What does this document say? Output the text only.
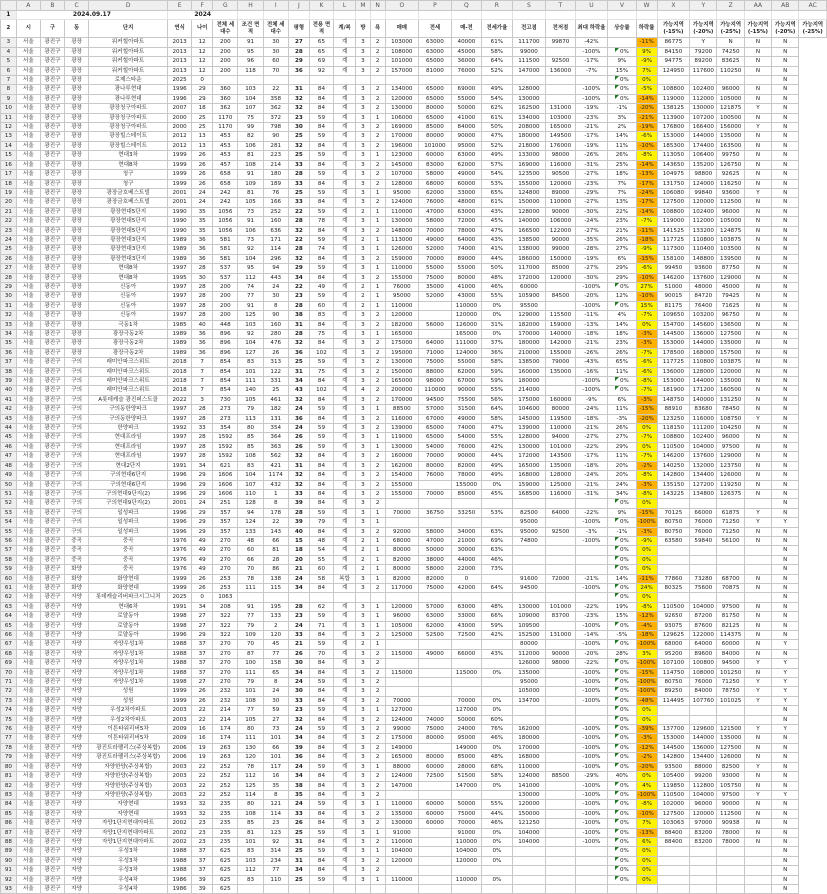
	A	B	C	D	E	F	G	H	I	J	K	L	M	N	O	P	Q	R	S	T	U	V	W	X	Y	Z	AA	AB	AC
1	2024.09.17				2024																								
2	시	구	동	단지	연식	나이	전체 세대수	조건 면적	전체 세대수	평형	전용 면적	계/복	방	욕	매매	전세	매-전	전세가율	전고점	전저점	최대 하락율	상승률	하락률	가능지역 (-15%)	가능지역 (-20%)	가능지역 (-25%)	가능지역 (-15%)	가능지역 (-20%)	가능지역 (-25%)
3	서울	광진구	광장	워커힐아파트	2013	12	200	91	30	27	65	계	3	2	103000	63000	40000	61%	111700	99870	-42%		-11%	86775	Y	N	N	N	
4	서울	광진구	광장	워커힐아파트	2013	12	200	95	30	28	65	계	3	2	108000	63000	45000	58%	99000		-100%	0%	9%	84150	79200	74250	N	N	
5	서울	광진구	광장	워커힐아파트	2013	12	200	96	60	29	69	계	3	2	101000	65000	36000	64%	111500	92500	-17%	9%	-9%	94775	89200	83625	N	N	
6	서울	광진구	광장	워커힐아파트	2013	12	200	118	70	36	92	계	3	2	157000	81000	76000	52%	147000	136000	-7%	15%	7%	124950	117600	110250	N	N	
7	서울	광진구	광장	로제스타운	2025	0																0%	0%					N	
8	서울	광진구	광장	광나루현대	1996	29	360	103	22	31	84	계	3	2	134000	65000	69000	49%	128000		-100%	0%	-5%	108800	102400	96000	N	N	
9	서울	광진구	광장	광나루현대	1996	29	360	104	358	32	84	계	3	2	120000	65000	55000	54%	130000		-100%	0%	-14%	119000	112000	105000	N	N	
10	서울	광진구	광장	광장청구아파트	2007	18	362	107	362	32	84	계	3	2	130000	80000	50000	62%	162500	131000	-19%	-1%	-20%	138125	130000	121875	Y	N	
11	서울	광진구	광장	광장청구아파트	2000	25	1170	75	372	23	59	계	3	1	106000	65000	41000	61%	134000	103000	-23%	3%	-21%	113900	107200	100500	N	N	
12	서울	광진구	광장	광장청구아파트	2000	25	1170	99	798	30	84	계	3	2	169000	85000	84000	50%	208000	165000	-21%	2%	-19%	176800	166400	156000	Y	N	
13	서울	광진구	광장	광장힐스테이트	2012	13	453	82	90	25	59	계	3	2	170000	80000	90000	47%	180000	149500	-17%	14%	-6%	153000	144000	135000	N	N	
14	서울	광진구	광장	광장힐스테이트	2012	13	453	106	281	32	84	계	3	2	196000	101000	95000	52%	218000	176000	-19%	11%	-10%	185300	174400	163500	N	N	
15	서울	광진구	광장	현대3차	1999	26	453	81	223	25	59	계	3	1	123000	60000	63000	49%	133000	98000	-26%	26%	-8%	113050	106400	99750	N	N	
16	서울	광진구	광장	현대8차	1999	26	457	108	214	33	84	계	3	2	145000	83000	62000	57%	169000	116000	-31%	25%	-14%	143650	135200	126750	N	N	
17	서울	광진구	광장	청구	1999	26	658	91	180	28	59	계	3	2	107000	58000	49000	54%	123500	90500	-27%	18%	-13%	104975	98800	92625	N	N	
18	서울	광진구	광장	청구	1999	26	658	109	189	33	84	계	3	2	128000	68000	60000	53%	155000	120000	-23%	7%	-17%	131750	124000	116250	N	N	
19	서울	광진구	광장	광장금호베스트빌	2001	24	242	81	76	25	59	계	3	1	95000	62000	33000	65%	124800	89000	-29%	7%	-24%	106080	99840	93600	Y	N	
20	서울	광진구	광장	광장금호베스트빌	2001	24	242	105	166	33	84	계	3	2	124000	76000	48000	61%	150000	110000	-27%	13%	-17%	127500	120000	112500	N	N	
21	서울	광진구	광장	광장현대5단지	1990	35	1056	73	252	22	59	계	2	1	110000	47000	63000	43%	128000	90000	-30%	22%	-14%	108800	102400	96000	N	N	
22	서울	광진구	광장	광장현대5단지	1990	35	1056	91	160	28	78	계	3	1	130000	58000	72000	45%	140000	106000	-24%	23%	-7%	119000	112000	105000	N	N	
23	서울	광진구	광장	광장현대5단지	1990	35	1056	106	636	32	84	계	3	2	148000	70000	78000	47%	166500	122000	-27%	21%	-11%	141525	133200	124875	N	N	
24	서울	광진구	광장	광장현대3단지	1989	36	581	73	171	22	59	계	2	1	113000	49000	64000	43%	138500	90000	-35%	26%	-18%	117725	110800	103875	N	N	
25	서울	광진구	광장	광장현대3단지	1989	36	581	92	114	28	74	계	3	1	126000	52000	74000	41%	138000	99000	-28%	27%	-9%	117300	110400	103500	N	N	
26	서울	광진구	광장	광장현대3단지	1989	36	581	104	296	32	84	계	3	2	159000	70000	89000	44%	186000	150000	-19%	6%	-15%	158100	148800	139500	N	N	
27	서울	광진구	광장	현대8차	1997	28	537	95	94	29	59	계	3	1	110000	55000	55000	50%	117000	85000	-27%	29%	-6%	99450	93600	87750	N	N	
28	서울	광진구	광장	현대8차	1995	30	537	112	443	34	84	계	3	2	155000	75000	80000	48%	172000	120000	-30%	29%	-10%	146200	137600	129000	N	N	
29	서울	광진구	광장	신동아	1997	28	200	74	24	22	49	계	2	1	76000	35000	41000	46%	60000		-100%	0%	27%	51000	48000	45000	N	N	
30	서울	광진구	광장	신동아	1997	28	200	77	30	23	59	계	2	1	95000	52000	43000	55%	105900	84500	-20%	12%	-10%	90015	84720	79425	N	N	
31	서울	광진구	광장	신동아	1997	28	200	91	8	28	60	계	2	1	110000		110000	0%	95500		-100%	0%	15%	81175	76400	71625	N	N	
32	서울	광진구	광장	신동아	1997	28	200	125	90	38	83	계	3	2	120000		120000	0%	129000	115500	-11%	4%	-7%	109650	103200	96750	N	N	
33	서울	광진구	광장	극동1차	1985	40	448	103	160	31	84	계	3	2	182000	56000	126000	31%	182000	159000	-13%	14%	0%	154700	145600	136500	N	N	
34	서울	광진구	광장	광장극동2차	1989	36	896	92	280	28	75	계	3	1	165000		165000	0%	170000	140000	-18%	18%	-3%	144500	136000	127500	N	N	
35	서울	광진구	광장	광장극동2차	1989	36	896	104	476	32	84	계	3	2	175000	64000	111000	37%	180000	142000	-21%	23%	-3%	153000	144000	135000	N	N	
36	서울	광진구	광장	광장극동2차	1989	36	896	127	26	36	102	계	3	2	195000	71000	124000	36%	210000	155000	-26%	26%	-7%	178500	168000	157500	N	N	
37	서울	광진구	구의	래미안파크스위트	2018	7	854	83	313	25	59	계	3	2	130000	75000	55000	58%	138500	79000	-43%	65%	-6%	117725	110800	103875	N	N	
38	서울	광진구	구의	래미안파크스위트	2018	7	854	101	122	31	75	계	3	2	150000	88000	62000	59%	160000	135000	-16%	11%	-6%	136000	128000	120000	N	N	
39	서울	광진구	구의	래미안파크스위트	2018	7	854	111	331	34	84	계	3	2	165000	98000	67000	59%	180000		-100%	0%	-8%	153000	144000	135000	N	N	
40	서울	광진구	구의	래미안파크스위트	2018	7	854	140	25	43	102	계	4	2	200000	110000	90000	55%	214000		-100%	0%	-7%	181900	171200	160500	N	N	
41	서울	광진구	구의	A롯데캐슬 광진퍼스트클	2022	3	730	105	461	32	84	계	3	2	170000	94500	75500	56%	175000	160000	-9%	6%	-3%	148750	140000	131250	N	N	
42	서울	광진구	구의	구의동한양파크	1997	28	273	79	182	24	59	계	3	1	88500	57000	31500	64%	104600	80000	-24%	11%	-15%	88910	83680	78450	N	N	
43	서울	광진구	구의	구의동한양파크	1997	28	273	113	131	36	84	계	3	2	116000	67000	49000	58%	145000	119500	-18%	-3%	-20%	123250	116000	108750	Y	N	
44	서울	광진구	구의	한양파크	1992	33	354	80	354	24	59	계	3	2	139000	65000	74000	47%	139000	110000	-21%	26%	0%	118150	111200	104250	N	N	
45	서울	광진구	구의	현대프라임	1997	28	1592	85	364	26	59	계	3	1	119000	65000	54000	55%	128000	94000	-27%	27%	-7%	108800	102400	96000	N	N	
46	서울	광진구	구의	현대프라임	1997	28	1592	85	363	26	59	계	3	1	130000	54000	76000	42%	130000	101000	-22%	29%	0%	110500	104000	97500	N	N	
47	서울	광진구	구의	현대프라임	1997	28	1592	108	562	32	84	계	3	2	160000	70000	90000	44%	172000	143500	-17%	11%	-7%	146200	137600	129000	N	N	
48	서울	광진구	구의	현대2단지	1991	34	621	83	421	31	84	계	3	2	162000	80000	82000	49%	165000	135000	-18%	20%	-2%	140250	132000	123750	N	N	
49	서울	광진구	구의	구의현대6단지	1996	29	1606	104	1174	32	84	계	3	2	154000	76000	78000	49%	168000	128000	-24%	20%	-8%	142800	134400	126000	N	N	
50	서울	광진구	구의	구의현대6단지	1996	29	1606	107	432	32	84	계	3	2	155000		155000	0%	159000	125000	-21%	24%	-3%	135150	127200	119250	N	N	
51	서울	광진구	구의	구의현대9단지(2)	1996	29	1606	110	1	33	84	계	3	2	155000	70000	85000	45%	168500	116000	-31%	34%	-8%	143225	134800	126375	N	N	
52	서울	광진구	구의	구의현대9단지(2)	2001	24	251	128	8	39	84	계	3	2								0%	0%					N	
53	서울	광진구	구의	일성파크	1996	29	357	94	178	28	59	계	3	1	70000	36750	33250	53%	82500	64000	-22%	9%	-15%	70125	66000	61875	Y	N	
54	서울	광진구	구의	일성파크	1996	29	357	124	22	39	79	계	3	1					95000		-100%	0%	-100%	80750	76000	71250	Y	Y	
55	서울	광진구	구의	일성파크	1996	29	357	133	143	40	84	계	3	2	92000	58000	34000	63%	95000	92500	-3%	-1%	-3%	80750	76000	71250	N	N	
56	서울	광진구	중곡	중곡	1976	49	270	48	66	15	48	계	2	1	68000	47000	21000	69%	74800		-100%	0%	-9%	63580	59840	56100	N	N	
57	서울	광진구	중곡	중곡	1976	49	270	60	81	18	54	계	2	1	80000	50000	30000	63%				0%	0%					N	
58	서울	광진구	중곡	중곡	1976	49	270	66	28	20	55	계	2	1	82000	38000	44000	46%				0%	0%					N	
59	서울	광진구	화양	중곡	1976	49	270	70	86	21	60	계	2	1	80000	58000	22000	73%				0%	0%					N	
60	서울	광진구	화양	화양현대	1999	26	253	78	138	24	58	복합	3	1	82000	82000	0		91600	72000	-21%	14%	-11%	77860	73280	68700	N	N	
61	서울	광진구	화양	화양현대	1999	26	253	111	115	34	84	계	3	2	117000	75000	42000	64%	94500		-100%	0%	24%	80325	75600	70875	N	N	
62	서울	광진구	자양	롯데캐슬리버파크시그니처	2025	0	1063															0%	0%					N	
63	서울	광진구	자양	현대6차	1991	34	208	91	195	28	62	계	3	1	120000	57000	63000	48%	130000	101000	-22%	19%	-8%	110500	104000	97500	N	N	
64	서울	광진구	자양	로얄동아	1998	27	322	77	133	23	59	계	3	1	96000	63000	33000	66%	109000	83700	-23%	15%	-12%	92650	87200	81750	N	N	
65	서울	광진구	자양	로얄동아	1998	27	322	79	2	24	71	계	3	1	105000	62000	43000	59%	109500		-100%	0%	-4%	93075	87600	82125	N	N	
66	서울	광진구	자양	로얄동아	1996	29	322	109	120	33	84	계	3	2	125000	52500	72500	42%	152500	131000	-14%	-5%	-18%	129625	122000	114375	N	N	
67	서울	광진구	자양	자양우성1차	1988	37	270	70	45	21	59	계	2	1					80000		-100%	0%	-100%	68000	64000	60000	N	Y	
68	서울	광진구	자양	자양우성1차	1988	37	270	87	77	26	70	계	3	2	115000	49000	66000	43%	112000	90000	-20%	28%	3%	95200	89600	84000	N	N	
69	서울	광진구	자양	자양우성1차	1988	37	270	100	158	30	84	계	3	2					126000	98000	-22%	0%	-100%	107100	100800	94500	Y	Y	
70	서울	광진구	자양	자양우성1차	1988	37	270	111	65	34	84	계	3	2	115000		115000	0%	135000		-100%	0%	-15%	114750	108000	101250	N	Y	
71	서울	광진구	자양	자양우성1차	1998	27	270	79	8	24	59	계	3	2					95000		-100%	0%	-100%	80750	76000	71250	Y	Y	
72	서울	광진구	자양	성원	1999	26	232	101	24	30	84	계	3	2					105000		-100%	0%	-100%	89250	84000	78750	Y	Y	
73	서울	광진구	자양	성원	1999	26	232	108	30	33	84	계	3	2	70000		70000	0%	134700		-100%	0%	-48%	114495	107760	101025	Y	Y	
74	서울	광진구	자양	우성2차아파트	2003	22	214	77	59	23	59	계	3	1	127000		127000	0%				0%	0%					N	
75	서울	광진구	자양	우성2차아파트	2003	22	214	105	27	32	84	계	3	2	124000	74000	50000	60%				0%	0%					N	
76	서울	광진구	자양	이튼타워리버5차	2009	16	174	80	73	24	59	계	3	2	99000	75000	24000	76%	162000		-100%	0%	-39%	137700	129600	121500	Y	Y	
77	서울	광진구	자양	이튼타워리버5차	2009	16	174	111	101	34	84	계	3	2	175000	80000	95000	46%	180000		-100%	0%	-3%	153000	144000	135000	N	N	
78	서울	광진구	자양	광진트라팰리스(주상복합)	2006	19	263	130	66	39	84	계	3	2	149000		149000	0%	170000		-100%	0%	-12%	144500	136000	127500	N	N	
79	서울	광진구	자양	광진트라팰리스(주상복합)	2006	19	263	120	101	36	84	계	3	2	165000	80000	85000	48%	168000		-100%	0%	-2%	142800	134400	126000	N	N	
80	서울	광진구	자양	자양한양(주상복합)	2003	22	252	78	117	24	59	계	3	1	88000	60000	28000	68%	110000		-100%	0%	-20%	93500	88000	82500	Y	N	
81	서울	광진구	자양	자양한양(주상복합)	2003	22	252	112	16	34	84	계	3	2	124000	72500	51500	58%	124000	88500	-29%	40%	0%	105400	99200	93000	N	N	
82	서울	광진구	자양	자양한양(주상복합)	2003	22	252	125	35	38	84	계	3	2	147000		147000	0%	141000		-100%	0%	4%	119850	112800	105750	N	N	
83	서울	광진구	자양	자양한양(주상복합)	2003	22	252	114	8	35	84	계	3	2					130000		-100%	0%	-100%	110500	104000	97500	Y	Y	
84	서울	광진구	자양	자양현대	1993	32	235	80	121	24	59	계	3	1	110000	60000	50000	55%	120000		-100%	0%	-8%	102000	96000	90000	N	N	
85	서울	광진구	자양	자양현대	1993	32	235	108	114	33	84	계	3	2	135000	60000	75000	44%	150000		-100%	0%	-10%	127500	120000	112500	N	N	
86	서울	광진구	자양	자양1단지현대아파트	2002	23	235	85	23	26	84	계	3	2	130000	60000	70000	46%	121250		-100%	0%	7%	103063	97000	90938	N	N	
87	서울	광진구	자양	자양1단지현대아파트	2002	23	235	81	123	25	59	계	3	1	91000		91000	0%	104000		-100%	0%	-13%	88400	83200	78000	N	N	
88	서울	광진구	자양	자양1단지현대아파트	2002	23	235	101	92	31	84	계	3	2	110000		110000	0%	104000		-100%	0%	6%	88400	83200	78000	N	N	
89	서울	광진구	자양	우성3차	1988	37	625	83	314	25	59	계	3	1	104000		104000	0%				0%	0%					N	
90	서울	광진구	자양	우성3차	1988	37	625	103	234	31	84	계	3	2	120000		120000	0%				0%	0%					N	
91	서울	광진구	자양	우성3차	1988	37	625	112	77	34	84	계	3	2								0%	0%					N	
92	서울	광진구	자양	우성4차	1986	39	625	83	110	25	59	계	3	1	110000		110000	0%				0%	0%					N	
93	서울	광진구	자양	우성4차	1986	39	625																					N	
